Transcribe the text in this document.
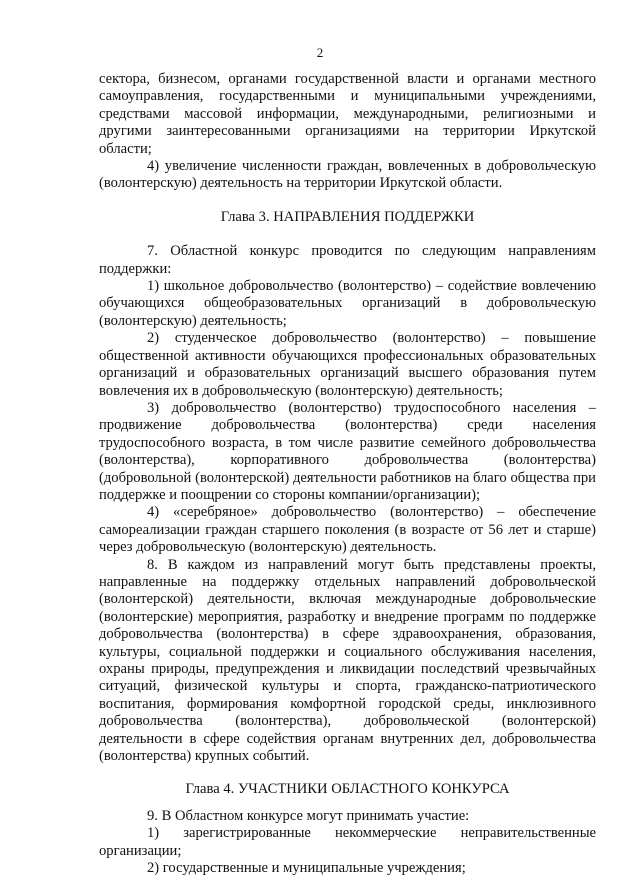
2

сектора, бизнесом, органами государственной власти и органами местного самоуправления, государственными и муниципальными учреждениями, средствами массовой информации, международными, религиозными и другими заинтересованными организациями на территории Иркутской области;

4) увеличение численности граждан, вовлеченных в добровольческую (волонтерскую) деятельность на территории Иркутской области.

Глава 3. НАПРАВЛЕНИЯ ПОДДЕРЖКИ

7. Областной конкурс проводится по следующим направлениям поддержки:

1) школьное добровольчество (волонтерство) – содействие вовлечению обучающихся общеобразовательных организаций в добровольческую (волонтерскую) деятельность;

2) студенческое добровольчество (волонтерство) – повышение общественной активности обучающихся профессиональных образовательных организаций и образовательных организаций высшего образования путем вовлечения их в добровольческую (волонтерскую) деятельность;

3) добровольчество (волонтерство) трудоспособного населения – продвижение добровольчества (волонтерства) среди населения трудоспособного возраста, в том числе развитие семейного добровольчества (волонтерства), корпоративного добровольчества (волонтерства) (добровольной (волонтерской) деятельности работников на благо общества при поддержке и поощрении со стороны компании/организации);

4) «серебряное» добровольчество (волонтерство) – обеспечение самореализации граждан старшего поколения (в возрасте от 56 лет и старше) через добровольческую (волонтерскую) деятельность.

8. В каждом из направлений могут быть представлены проекты, направленные на поддержку отдельных направлений добровольческой (волонтерской) деятельности, включая международные добровольческие (волонтерские) мероприятия, разработку и внедрение программ по поддержке добровольчества (волонтерства) в сфере здравоохранения, образования, культуры, социальной поддержки и социального обслуживания населения, охраны природы, предупреждения и ликвидации последствий чрезвычайных ситуаций, физической культуры и спорта, гражданско-патриотического воспитания, формирования комфортной городской среды, инклюзивного добровольчества (волонтерства), добровольческой (волонтерской) деятельности в сфере содействия органам внутренних дел, добровольчества (волонтерства) крупных событий.

Глава 4. УЧАСТНИКИ ОБЛАСТНОГО КОНКУРСА

9. В Областном конкурсе могут принимать участие:

1) зарегистрированные некоммерческие неправительственные организации;

2) государственные и муниципальные учреждения;
